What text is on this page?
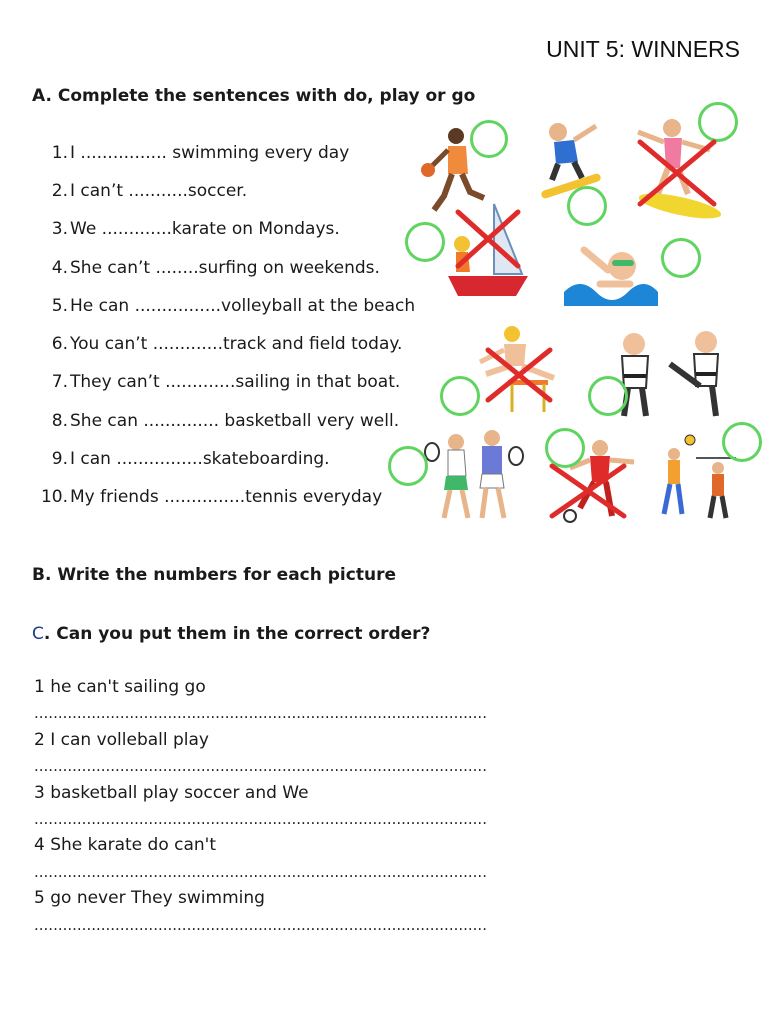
UNIT 5: WINNERS
A. Complete the sentences with do, play or go
1. I ................ swimming every day
2. I can’t ...........soccer.
3. We .............karate on Mondays.
4. She can’t ........surfing on weekends.
5. He can ................volleyball at the beach
6. You can’t .............track and field today.
7. They can’t .............sailing in that boat.
8. She can .............. basketball very well.
9. I can ................skateboarding.
10. My friends ...............tennis everyday
B. Write the numbers for each picture
C. Can you put them in the correct order?
1 he can't sailing go
...............................................................................................
2 I can volleball play
...............................................................................................
3 basketball play soccer and We
...............................................................................................
4 She karate do can't
...............................................................................................
5 go never They swimming
...............................................................................................
